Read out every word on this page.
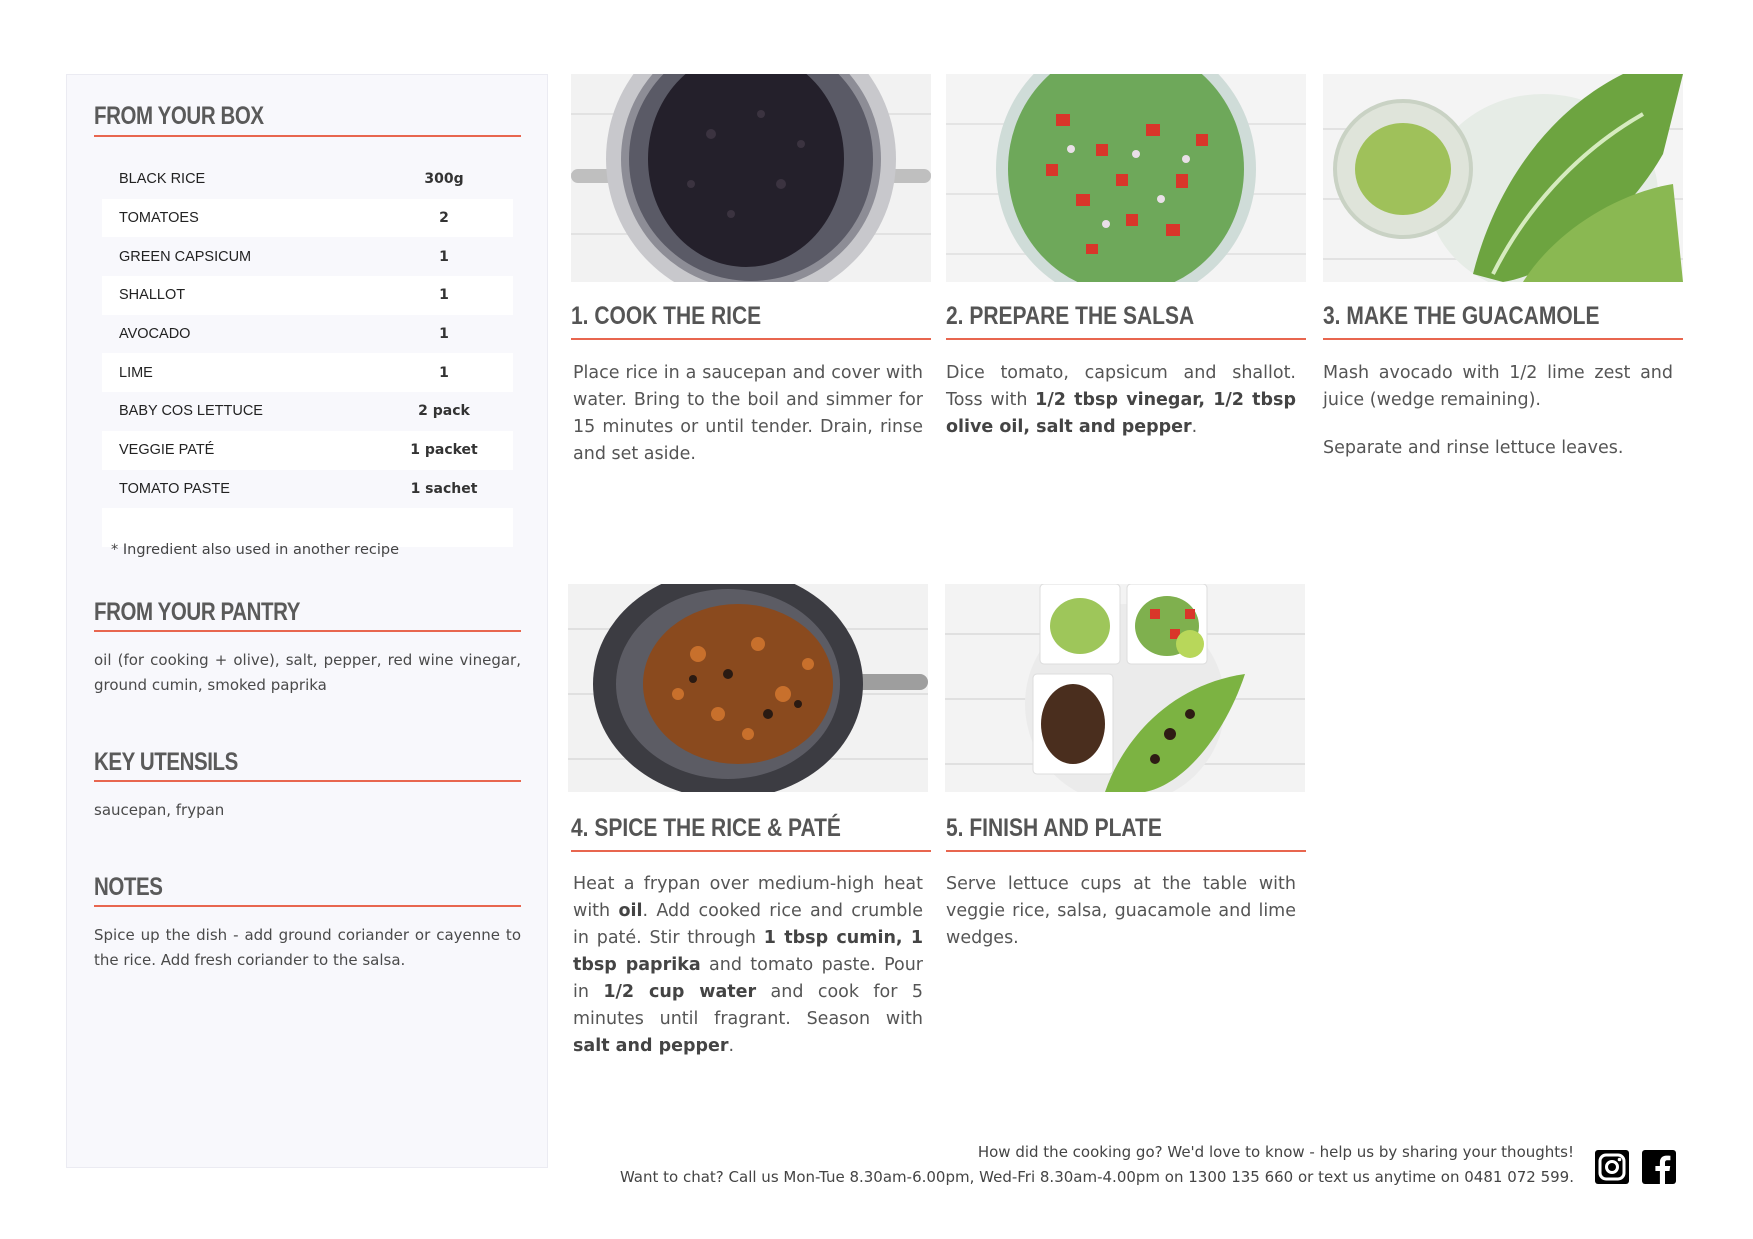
FROM YOUR BOX
BLACK RICE	300g
TOMATOES	2
GREEN CAPSICUM	1
SHALLOT	1
AVOCADO	1
LIME	1
BABY COS LETTUCE	2 pack
VEGGIE PATÉ	1 packet
TOMATO PASTE	1 sachet
* Ingredient also used in another recipe
FROM YOUR PANTRY
oil (for cooking + olive), salt, pepper, red wine vinegar, ground cumin, smoked paprika
KEY UTENSILS
saucepan, frypan
NOTES
Spice up the dish - add ground coriander or cayenne to the rice. Add fresh coriander to the salsa.
1. COOK THE RICE

Place rice in a saucepan and cover with water. Bring to the boil and simmer for 15 minutes or until tender. Drain, rinse and set aside.

2. PREPARE THE SALSA

Dice tomato, capsicum and shallot. Toss with 1/2 tbsp vinegar, 1/2 tbsp olive oil, salt and pepper.

3. MAKE THE GUACAMOLE

Mash avocado with 1/2 lime zest and juice (wedge remaining).

Separate and rinse lettuce leaves.

4. SPICE THE RICE & PATÉ

Heat a frypan over medium-high heat with oil. Add cooked rice and crumble in paté. Stir through 1 tbsp cumin, 1 tbsp paprika and tomato paste. Pour in 1/2 cup water and cook for 5 minutes until fragrant. Season with salt and pepper.

5. FINISH AND PLATE

Serve lettuce cups at the table with veggie rice, salsa, guacamole and lime wedges.

How did the cooking go? We'd love to know - help us by sharing your thoughts!
Want to chat? Call us Mon-Tue 8.30am-6.00pm, Wed-Fri 8.30am-4.00pm on 1300 135 660 or text us anytime on 0481 072 599.
